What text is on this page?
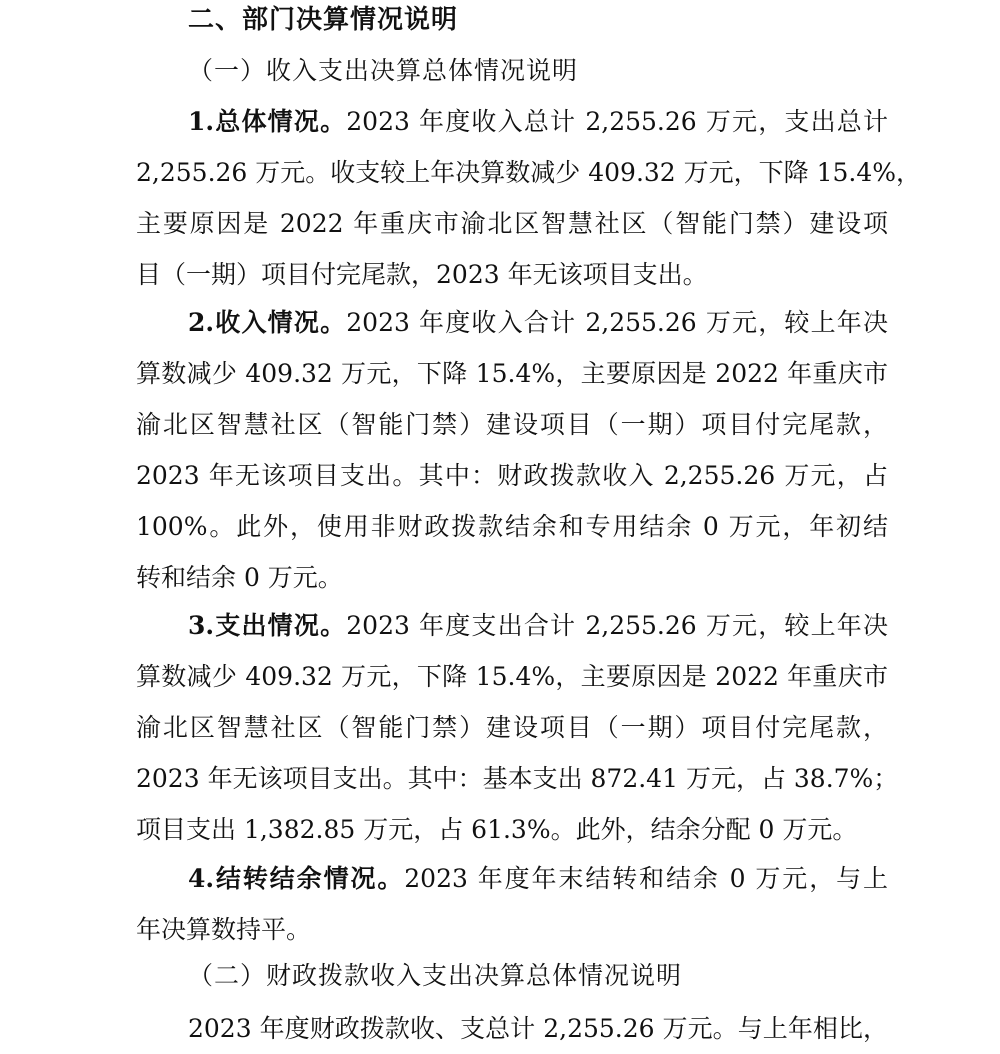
二、部门决算情况说明
（一）收入支出决算总体情况说明
1.总体情况。2023 年度收入总计 2,255.26 万元，支出总计
2,255.26 万元。收支较上年决算数减少 409.32 万元，下降 15.4%，
主要原因是 2022 年重庆市渝北区智慧社区（智能门禁）建设项
目（一期）项目付完尾款，2023 年无该项目支出。
2.收入情况。2023 年度收入合计 2,255.26 万元，较上年决
算数减少 409.32 万元，下降 15.4%，主要原因是 2022 年重庆市
渝北区智慧社区（智能门禁）建设项目（一期）项目付完尾款，
2023 年无该项目支出。其中：财政拨款收入 2,255.26 万元，占
100%。此外，使用非财政拨款结余和专用结余 0 万元，年初结
转和结余 0 万元。
3.支出情况。2023 年度支出合计 2,255.26 万元，较上年决
算数减少 409.32 万元，下降 15.4%，主要原因是 2022 年重庆市
渝北区智慧社区（智能门禁）建设项目（一期）项目付完尾款，
2023 年无该项目支出。其中：基本支出 872.41 万元，占 38.7%；
项目支出 1,382.85 万元，占 61.3%。此外，结余分配 0 万元。
4.结转结余情况。2023 年度年末结转和结余 0 万元，与上
年决算数持平。
（二）财政拨款收入支出决算总体情况说明
2023 年度财政拨款收、支总计 2,255.26 万元。与上年相比，
